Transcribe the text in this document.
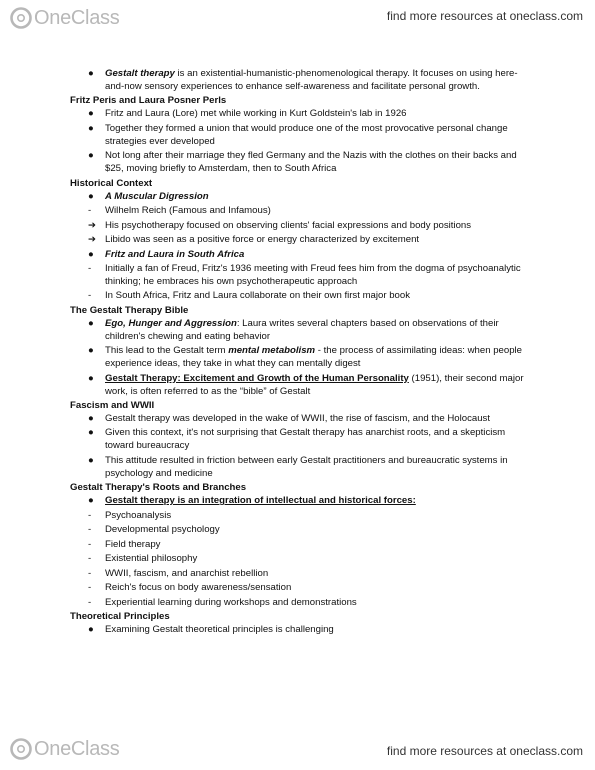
OneClass	find more resources at oneclass.com
●	Gestalt therapy is an existential-humanistic-phenomenological therapy. It focuses on using here-and-now sensory experiences to enhance self-awareness and facilitate personal growth.
Fritz Peris and Laura Posner Perls
●	Fritz and Laura (Lore) met while working in Kurt Goldstein's lab in 1926
●	Together they formed a union that would produce one of the most provocative personal change strategies ever developed
●	Not long after their marriage they fled Germany and the Nazis with the clothes on their backs and $25, moving briefly to Amsterdam, then to South Africa
Historical Context
●	A Muscular Digression
-	Wilhelm Reich (Famous and Infamous)
➔ His psychotherapy focused on observing clients' facial expressions and body positions
➔ Libido was seen as a positive force or energy characterized by excitement
●	Fritz and Laura in South Africa
-	Initially a fan of Freud, Fritz's 1936 meeting with Freud fees him from the dogma of psychoanalytic thinking; he embraces his own psychotherapeutic approach
-	In South Africa, Fritz and Laura collaborate on their own first major book
The Gestalt Therapy Bible
●	Ego, Hunger and Aggression: Laura writes several chapters based on observations of their children's chewing and eating behavior
●	This lead to the Gestalt term mental metabolism - the process of assimilating ideas: when people experience ideas, they take in what they can mentally digest
●	Gestalt Therapy: Excitement and Growth of the Human Personality (1951), their second major work, is often referred to as the “bible” of Gestalt
Fascism and WWII
●	Gestalt therapy was developed in the wake of WWII, the rise of fascism, and the Holocaust
●	Given this context, it's not surprising that Gestalt therapy has anarchist roots, and a skepticism toward bureaucracy
●	This attitude resulted in friction between early Gestalt practitioners and bureaucratic systems in psychology and medicine
Gestalt Therapy's Roots and Branches
●	Gestalt therapy is an integration of intellectual and historical forces:
-	Psychoanalysis
-	Developmental psychology
-	Field therapy
-	Existential philosophy
-	WWII, fascism, and anarchist rebellion
-	Reich's focus on body awareness/sensation
-	Experiential learning during workshops and demonstrations
Theoretical Principles
●	Examining Gestalt theoretical principles is challenging
OneClass	find more resources at oneclass.com
